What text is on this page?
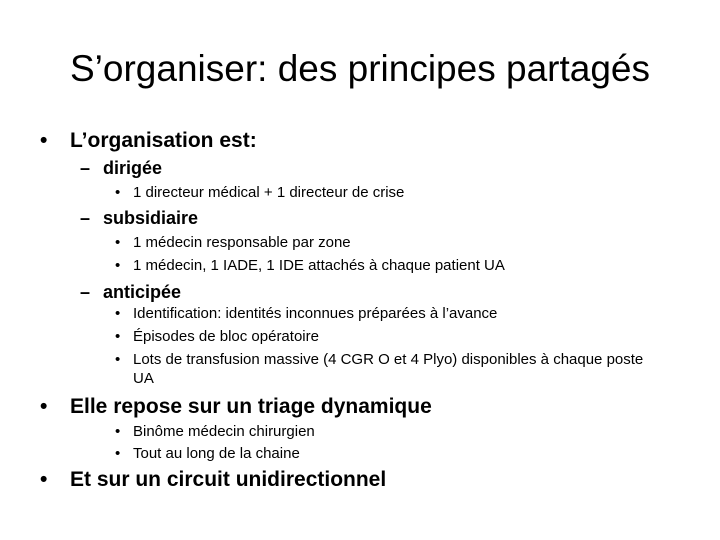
S’organiser: des principes partagés
• L’organisation est:
– dirigée
• 1 directeur médical + 1 directeur de crise
– subsidiaire
• 1 médecin responsable par zone
• 1 médecin, 1 IADE, 1 IDE attachés à chaque patient UA
– anticipée
• Identification: identités inconnues préparées à l’avance
• Épisodes de bloc opératoire
• Lots de transfusion massive (4 CGR O et 4 Plyo) disponibles à chaque poste UA
• Elle repose sur un triage dynamique
• Binôme médecin chirurgien
• Tout au long de la chaine
• Et sur un circuit unidirectionnel
